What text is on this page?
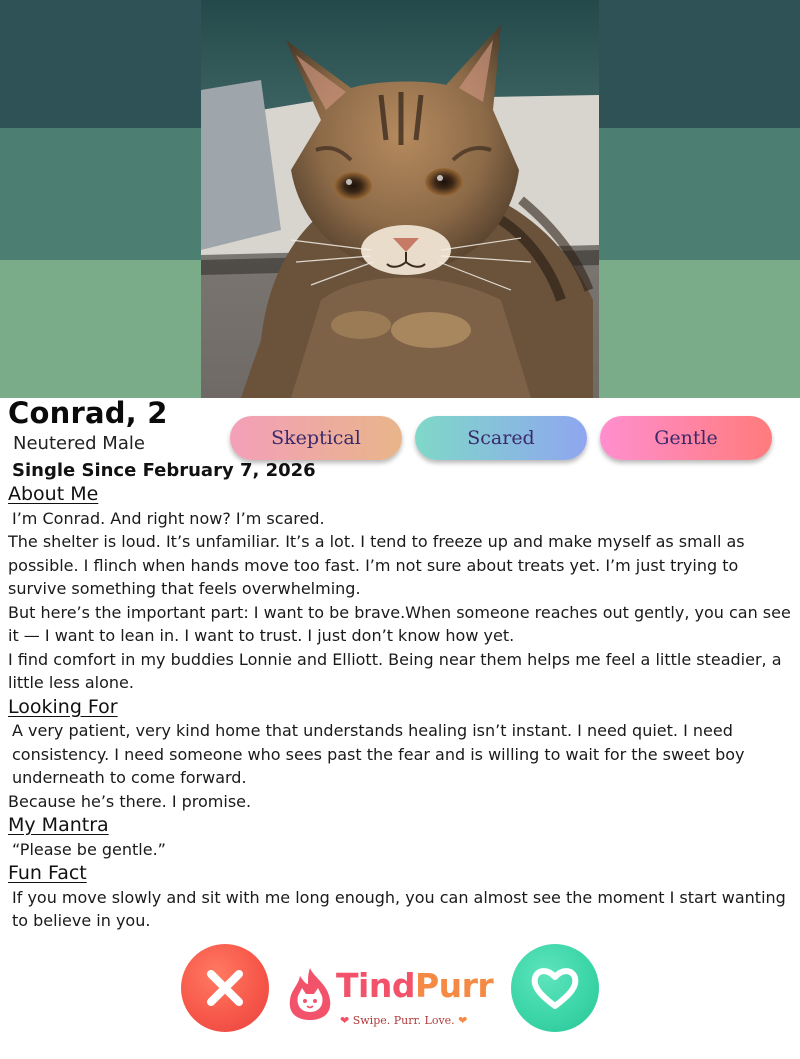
Conrad, 2
Neutered Male
Single Since February 7, 2026
Skeptical	Scared	Gentle
About Me
I’m Conrad. And right now? I’m scared.
The shelter is loud. It’s unfamiliar. It’s a lot. I tend to freeze up and make myself as small as possible. I flinch when hands move too fast. I’m not sure about treats yet. I’m just trying to survive something that feels overwhelming.
But here’s the important part: I want to be brave.When someone reaches out gently, you can see it — I want to lean in. I want to trust. I just don’t know how yet.
I find comfort in my buddies Lonnie and Elliott. Being near them helps me feel a little steadier, a little less alone.
Looking For
A very patient, very kind home that understands healing isn’t instant. I need quiet. I need consistency. I need someone who sees past the fear and is willing to wait for the sweet boy underneath to come forward.
Because he’s there. I promise.
My Mantra
“Please be gentle.”
Fun Fact
If you move slowly and sit with me long enough, you can almost see the moment I start wanting to believe in you.
TindPurr
❤ Swipe. Purr. Love. ❤
